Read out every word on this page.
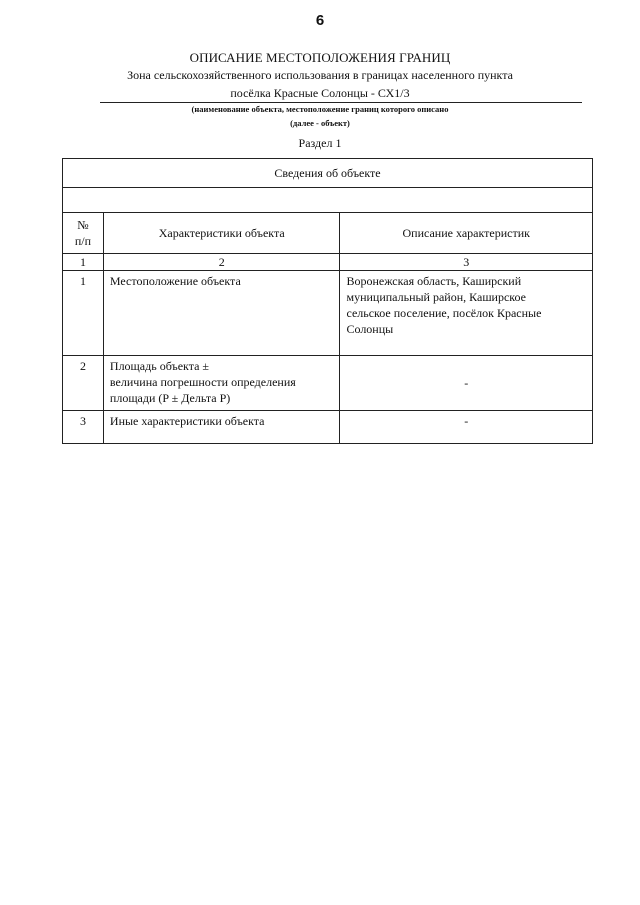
6
ОПИСАНИЕ МЕСТОПОЛОЖЕНИЯ ГРАНИЦ
Зона сельскохозяйственного использования в границах населенного пункта
посёлка Красные Солонцы - СХ1/3
(наименование объекта, местоположение границ которого описано
(далее - объект)
Раздел 1
Сведения об объекте		

№
п/п	Характеристики объекта	Описание характеристик
1	2	3
1	Местоположение объекта	Воронежская область, Каширский
муниципальный район, Каширское
сельское поселение, посёлок Красные
Солонцы

2	Площадь объекта ±
величина погрешности определения
площади (P ± Дельта P)	-
3	Иные характеристики объекта	-
